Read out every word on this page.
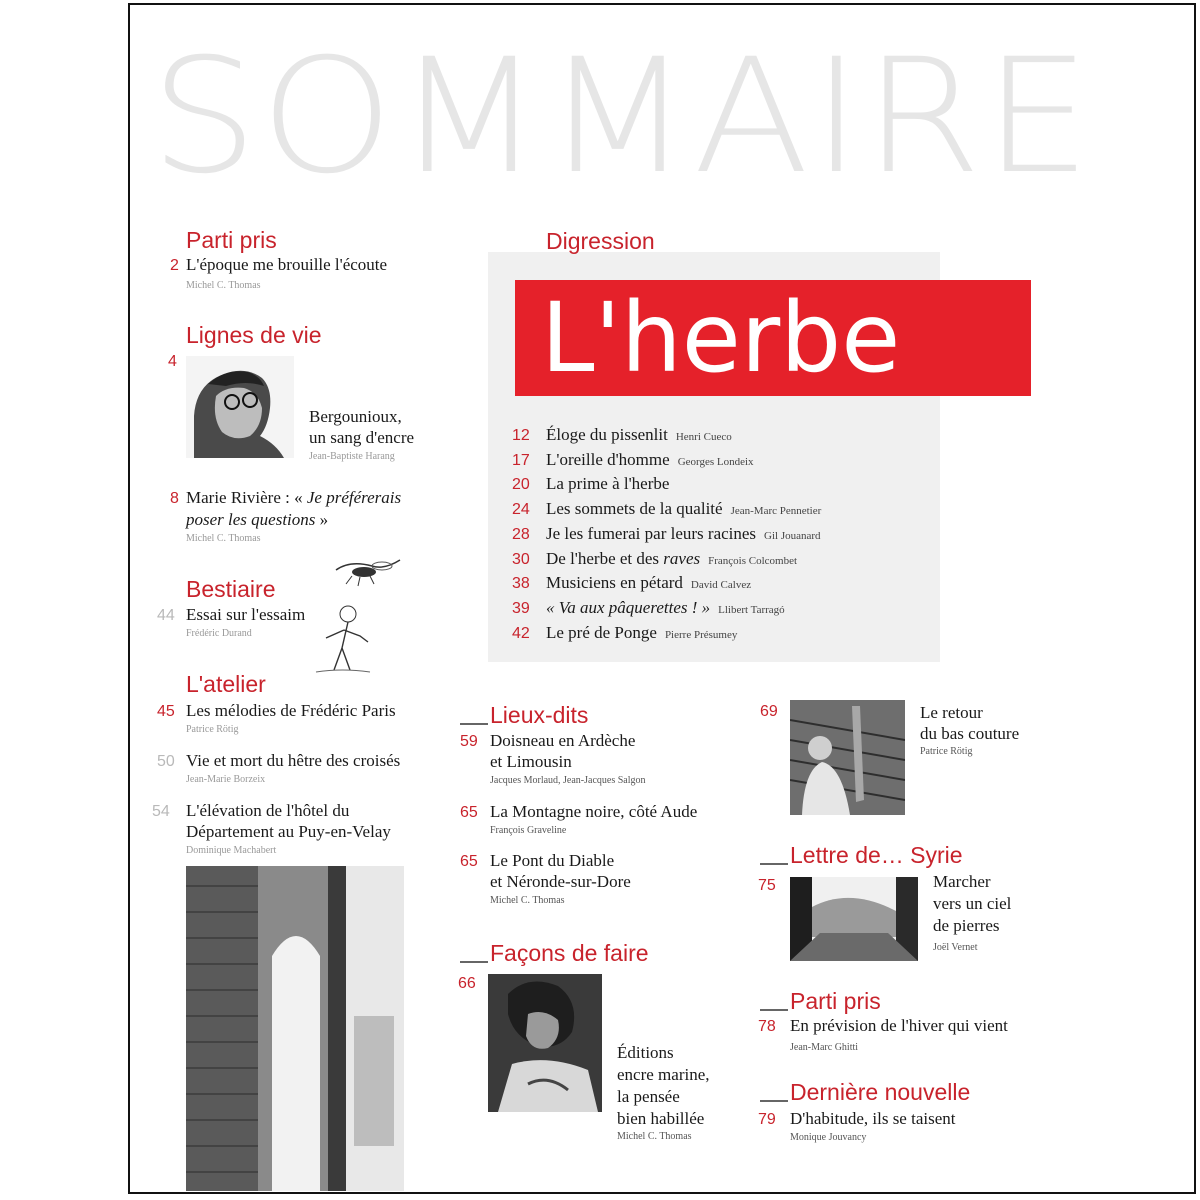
SOMMAIRE
Digression
L'herbe
12 Éloge du pissenlit Henri Cueco
17 L'oreille d'homme Georges Londeix
20 La prime à l'herbe
24 Les sommets de la qualité Jean-Marc Pennetier
28 Je les fumerai par leurs racines Gil Jouanard
30 De l'herbe et des raves François Colcombet
38 Musiciens en pétard David Calvez
39 « Va aux pâquerettes ! » Llibert Tarragó
42 Le pré de Ponge Pierre Présumey
Parti pris
2 L'époque me brouille l'écoute
Michel C. Thomas
Lignes de vie
4
Bergounioux,
un sang d'encre
Jean-Baptiste Harang
8 Marie Rivière : « Je préférerais
poser les questions »
Michel C. Thomas
Bestiaire
44 Essai sur l'essaim
Frédéric Durand
L'atelier
45 Les mélodies de Frédéric Paris
Patrice Rötig
50 Vie et mort du hêtre des croisés
Jean-Marie Borzeix
54 L'élévation de l'hôtel du
Département au Puy-en-Velay
Dominique Machabert
Lieux-dits
59 Doisneau en Ardèche
et Limousin
Jacques Morlaud, Jean-Jacques Salgon
65 La Montagne noire, côté Aude
François Graveline
65 Le Pont du Diable
et Néronde-sur-Dore
Michel C. Thomas
Façons de faire
66
Éditions
encre marine,
la pensée
bien habillée
Michel C. Thomas
69	Le retour
du bas couture
Patrice Rötig
Lettre de… Syrie
75	Marcher
vers un ciel
de pierres
Joël Vernet
Parti pris
78 En prévision de l'hiver qui vient
Jean-Marc Ghitti
Dernière nouvelle
79 D'habitude, ils se taisent
Monique Jouvancy
